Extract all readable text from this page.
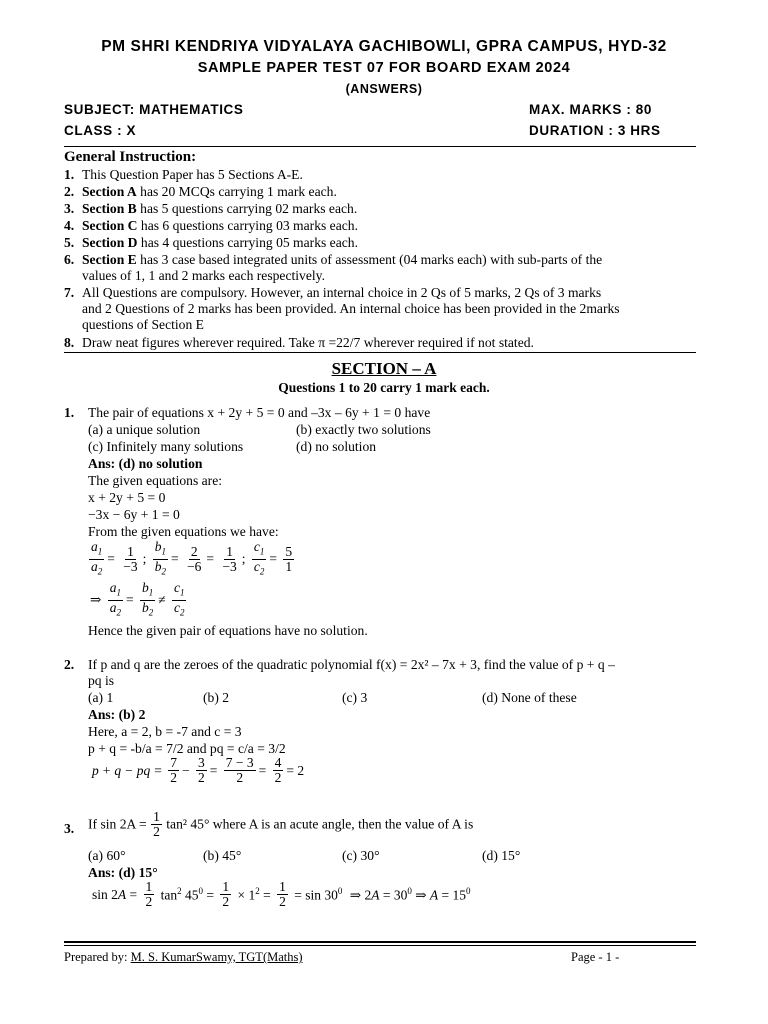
PM SHRI KENDRIYA VIDYALAYA GACHIBOWLI, GPRA CAMPUS, HYD-32
SAMPLE PAPER TEST 07 FOR BOARD EXAM 2024
(ANSWERS)
SUBJECT: MATHEMATICS	MAX. MARKS : 80
CLASS : X	DURATION : 3 HRS
General Instruction:
1. This Question Paper has 5 Sections A-E.
2. Section A has 20 MCQs carrying 1 mark each.
3. Section B has 5 questions carrying 02 marks each.
4. Section C has 6 questions carrying 03 marks each.
5. Section D has 4 questions carrying 05 marks each.
6. Section E has 3 case based integrated units of assessment (04 marks each) with sub-parts of the
values of 1, 1 and 2 marks each respectively.
7. All Questions are compulsory. However, an internal choice in 2 Qs of 5 marks, 2 Qs of 3 marks
and 2 Questions of 2 marks has been provided. An internal choice has been provided in the 2marks
questions of Section E
8. Draw neat figures wherever required. Take π =22/7 wherever required if not stated.
SECTION – A
Questions 1 to 20 carry 1 mark each.
1. The pair of equations x + 2y + 5 = 0 and –3x – 6y + 1 = 0 have
(a) a unique solution	(b) exactly two solutions
(c) Infinitely many solutions	(d) no solution
Ans: (d) no solution
The given equations are:
x + 2y + 5 = 0
−3x − 6y + 1 = 0
From the given equations we have:
$\frac{a_1}{a_2} = \frac{1}{-3}$ ; $\frac{b_1}{b_2} = \frac{2}{-6} = \frac{1}{-3}$ ; $\frac{c_1}{c_2} = \frac{5}{1}$
⇒ $\frac{a_1}{a_2} = \frac{b_1}{b_2} \ne \frac{c_1}{c_2}$
Hence the given pair of equations have no solution.
2. If p and q are the zeroes of the quadratic polynomial f(x) = 2x² – 7x + 3, find the value of p + q –
pq is
(a) 1	(b) 2	(c) 3	(d) None of these
Ans: (b) 2
Here, a = 2, b = -7 and c = 3
p + q = -b/a = 7/2 and pq = c/a = 3/2
p + q − pq = $\frac{7}{2} - \frac{3}{2} = \frac{7 - 3}{2} = \frac{4}{2} = 2$
3. If $\sin 2A = \frac{1}{2} \tan^2$ 45° where A is an acute angle, then the value of A is
(a) 60°	(b) 45°	(c) 30°	(d) 15°
Ans: (d) 15°
$\sin 2A = \frac{1}{2} \tan^2 45^0 = \frac{1}{2} \times 1^2 = \frac{1}{2} = \sin 30^0$ ⇒ $2A = 30^0$ ⇒ $A = 15^0$
Prepared by: M. S. KumarSwamy, TGT(Maths)	Page - 1 -
